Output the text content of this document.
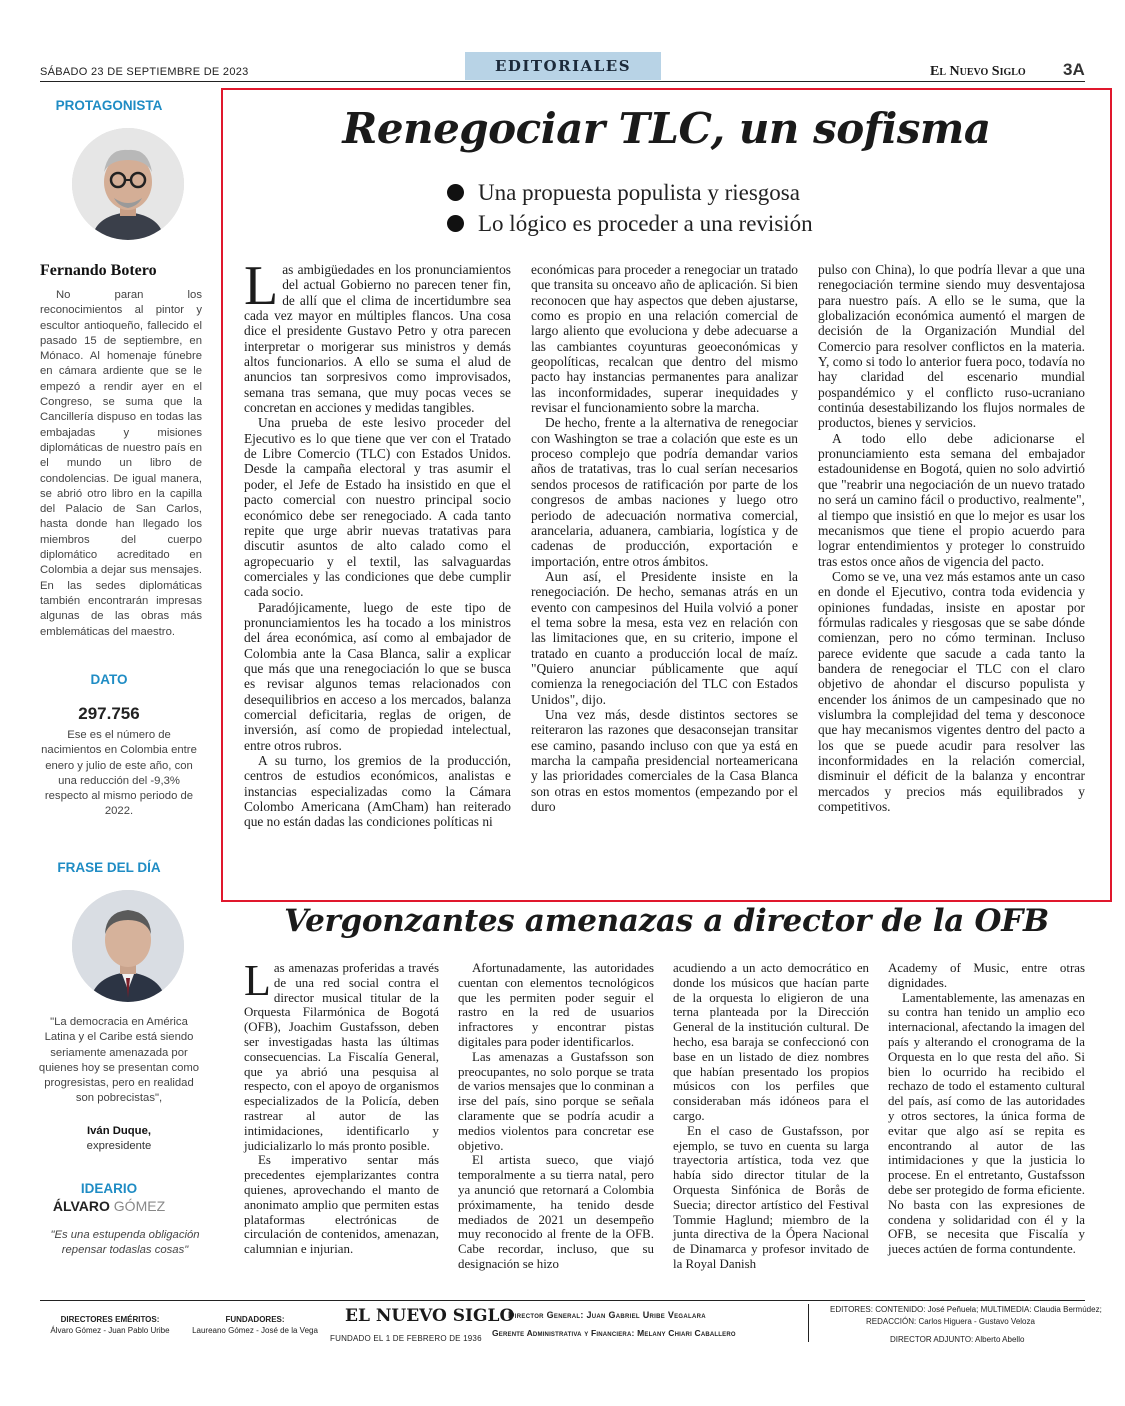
SÁBADO 23 DE SEPTIEMBRE DE 2023	EDITORIALES	El Nuevo Siglo 3A
PROTAGONISTA
Fernando Botero
No paran los reconocimientos al pintor y escultor antioqueño, fallecido el pasado 15 de septiembre, en Mónaco. Al homenaje fúnebre en cámara ardiente que se le empezó a rendir ayer en el Congreso, se suma que la Cancillería dispuso en todas las embajadas y misiones diplomáticas de nuestro país en el mundo un libro de condolencias. De igual manera, se abrió otro libro en la capilla del Palacio de San Carlos, hasta donde han llegado los miembros del cuerpo diplomático acreditado en Colombia a dejar sus mensajes. En las sedes diplomáticas también encontrarán impresas algunas de las obras más emblemáticas del maestro.
DATO
297.756
Ese es el número de nacimientos en Colombia entre enero y julio de este año, con una reducción del -9,3% respecto al mismo periodo de 2022.
FRASE DEL DÍA
"La democracia en América Latina y el Caribe está siendo seriamente amenazada por quienes hoy se presentan como progresistas, pero en realidad son pobrecistas",
Iván Duque,
expresidente
IDEARIO
ÁLVARO GÓMEZ
"Es una estupenda obligación repensar todaslas cosas"
Renegociar TLC, un sofisma
Una propuesta populista y riesgosa
Lo lógico es proceder a una revisión

Las ambigüedades en los pronunciamientos del actual Gobierno no parecen tener fin, de allí que el clima de incertidumbre sea cada vez mayor en múltiples flancos. Una cosa dice el presidente Gustavo Petro y otra parecen interpretar o morigerar sus ministros y demás altos funcionarios. A ello se suma el alud de anuncios tan sorpresivos como improvisados, semana tras semana, que muy pocas veces se concretan en acciones y medidas tangibles.

Una prueba de este lesivo proceder del Ejecutivo es lo que tiene que ver con el Tratado de Libre Comercio (TLC) con Estados Unidos. Desde la campaña electoral y tras asumir el poder, el Jefe de Estado ha insistido en que el pacto comercial con nuestro principal socio económico debe ser renegociado. A cada tanto repite que urge abrir nuevas tratativas para discutir asuntos de alto calado como el agropecuario y el textil, las salvaguardas comerciales y las condiciones que debe cumplir cada socio.

Paradójicamente, luego de este tipo de pronunciamientos les ha tocado a los ministros del área económica, así como al embajador de Colombia ante la Casa Blanca, salir a explicar que más que una renegociación lo que se busca es revisar algunos temas relacionados con desequilibrios en acceso a los mercados, balanza comercial deficitaria, reglas de origen, de inversión, así como de propiedad intelectual, entre otros rubros.

A su turno, los gremios de la producción, centros de estudios económicos, analistas e instancias especializadas como la Cámara Colombo Americana (AmCham) han reiterado que no están dadas las condiciones políticas ni

económicas para proceder a renegociar un tratado que transita su onceavo año de aplicación. Si bien reconocen que hay aspectos que deben ajustarse, como es propio en una relación comercial de largo aliento que evoluciona y debe adecuarse a las cambiantes coyunturas geoeconómicas y geopolíticas, recalcan que dentro del mismo pacto hay instancias permanentes para analizar las inconformidades, superar inequidades y revisar el funcionamiento sobre la marcha.

De hecho, frente a la alternativa de renegociar con Washington se trae a colación que este es un proceso complejo que podría demandar varios años de tratativas, tras lo cual serían necesarios sendos procesos de ratificación por parte de los congresos de ambas naciones y luego otro periodo de adecuación normativa comercial, arancelaria, aduanera, cambiaria, logística y de cadenas de producción, exportación e importación, entre otros ámbitos.

Aun así, el Presidente insiste en la renegociación. De hecho, semanas atrás en un evento con campesinos del Huila volvió a poner el tema sobre la mesa, esta vez en relación con las limitaciones que, en su criterio, impone el tratado en cuanto a producción local de maíz. "Quiero anunciar públicamente que aquí comienza la renegociación del TLC con Estados Unidos", dijo.

Una vez más, desde distintos sectores se reiteraron las razones que desaconsejan transitar ese camino, pasando incluso con que ya está en marcha la campaña presidencial norteamericana y las prioridades comerciales de la Casa Blanca son otras en estos momentos (empezando por el duro

pulso con China), lo que podría llevar a que una renegociación termine siendo muy desventajosa para nuestro país. A ello se le suma, que la globalización económica aumentó el margen de decisión de la Organización Mundial del Comercio para resolver conflictos en la materia. Y, como si todo lo anterior fuera poco, todavía no hay claridad del escenario mundial pospandémico y el conflicto ruso-ucraniano continúa desestabilizando los flujos normales de productos, bienes y servicios.

A todo ello debe adicionarse el pronunciamiento esta semana del embajador estadounidense en Bogotá, quien no solo advirtió que "reabrir una negociación de un nuevo tratado no será un camino fácil o productivo, realmente", al tiempo que insistió en que lo mejor es usar los mecanismos que tiene el propio acuerdo para lograr entendimientos y proteger lo construido tras estos once años de vigencia del pacto.

Como se ve, una vez más estamos ante un caso en donde el Ejecutivo, contra toda evidencia y opiniones fundadas, insiste en apostar por fórmulas radicales y riesgosas que se sabe dónde comienzan, pero no cómo terminan. Incluso parece evidente que sacude a cada tanto la bandera de renegociar el TLC con el claro objetivo de ahondar el discurso populista y encender los ánimos de un campesinado que no vislumbra la complejidad del tema y desconoce que hay mecanismos vigentes dentro del pacto a los que se puede acudir para resolver las inconformidades en la relación comercial, disminuir el déficit de la balanza y encontrar mercados y precios más equilibrados y competitivos.

Vergonzantes amenazas a director de la OFB

Las amenazas proferidas a través de una red social contra el director musical titular de la Orquesta Filarmónica de Bogotá (OFB), Joachim Gustafsson, deben ser investigadas hasta las últimas consecuencias. La Fiscalía General, que ya abrió una pesquisa al respecto, con el apoyo de organismos especializados de la Policía, deben rastrear al autor de las intimidaciones, identificarlo y judicializarlo lo más pronto posible.

Es imperativo sentar más precedentes ejemplarizantes contra quienes, aprovechando el manto de anonimato amplio que permiten estas plataformas electrónicas de circulación de contenidos, amenazan, calumnian e injurian.

Afortunadamente, las autoridades cuentan con elementos tecnológicos que les permiten poder seguir el rastro en la red de usuarios infractores y encontrar pistas digitales para poder identificarlos.

Las amenazas a Gustafsson son preocupantes, no solo porque se trata de varios mensajes que lo conminan a irse del país, sino porque se señala claramente que se podría acudir a medios violentos para concretar ese objetivo.

El artista sueco, que viajó temporalmente a su tierra natal, pero ya anunció que retornará a Colombia próximamente, ha tenido desde mediados de 2021 un desempeño muy reconocido al frente de la OFB. Cabe recordar, incluso, que su designación se hizo

acudiendo a un acto democrático en donde los músicos que hacían parte de la orquesta lo eligieron de una terna planteada por la Dirección General de la institución cultural. De hecho, esa baraja se confeccionó con base en un listado de diez nombres que habían presentado los propios músicos con los perfiles que consideraban más idóneos para el cargo.

En el caso de Gustafsson, por ejemplo, se tuvo en cuenta su larga trayectoria artística, toda vez que había sido director titular de la Orquesta Sinfónica de Borås de Suecia; director artístico del Festival Tommie Haglund; miembro de la junta directiva de la Ópera Nacional de Dinamarca y profesor invitado de la Royal Danish

Academy of Music, entre otras dignidades.

Lamentablemente, las amenazas en su contra han tenido un amplio eco internacional, afectando la imagen del país y alterando el cronograma de la Orquesta en lo que resta del año. Si bien lo ocurrido ha recibido el rechazo de todo el estamento cultural del país, así como de las autoridades y otros sectores, la única forma de evitar que algo así se repita es encontrando al autor de las intimidaciones y que la justicia lo procese. En el entretanto, Gustafsson debe ser protegido de forma eficiente. No basta con las expresiones de condena y solidaridad con él y la OFB, se necesita que Fiscalía y jueces actúen de forma contundente.

DIRECTORES EMÉRITOS:
Álvaro Gómez - Juan Pablo Uribe
FUNDADORES:
Laureano Gómez - José de la Vega
EL NUEVO SIGLO
FUNDADO EL 1 DE FEBRERO DE 1936
Director General: Juan Gabriel Uribe Vegalara
Gerente Administrativa y Financiera: Melany Chiari Caballero
EDITORES: CONTENIDO: José Peñuela; MULTIMEDIA: Claudia Bermúdez;
REDACCIÓN: Carlos Higuera - Gustavo Veloza
DIRECTOR ADJUNTO: Alberto Abello
